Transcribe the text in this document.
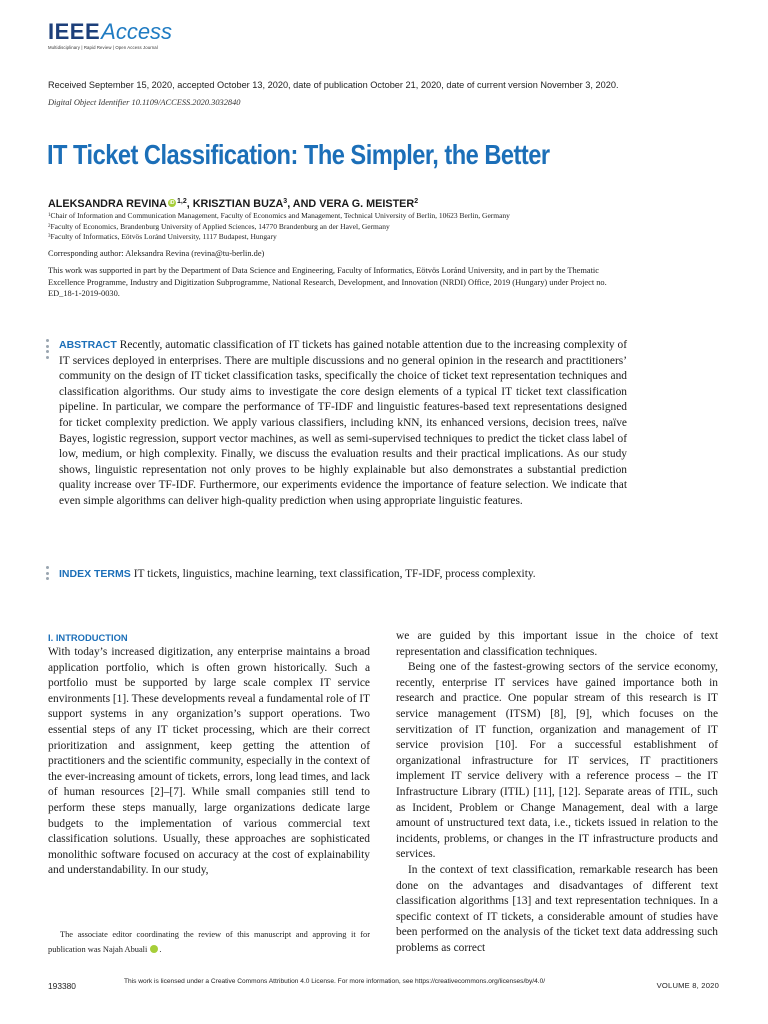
IEEE Access
Multidisciplinary | Rapid Review | Open Access Journal
Received September 15, 2020, accepted October 13, 2020, date of publication October 21, 2020, date of current version November 3, 2020.
Digital Object Identifier 10.1109/ACCESS.2020.3032840
IT Ticket Classification: The Simpler, the Better
ALEKSANDRA REVINA iD $^{1,2}$, KRISZTIAN BUZA$^3$, AND VERA G. MEISTER$^2$
$^1$Chair of Information and Communication Management, Faculty of Economics and Management, Technical University of Berlin, 10623 Berlin, Germany
$^2$Faculty of Economics, Brandenburg University of Applied Sciences, 14770 Brandenburg an der Havel, Germany
$^3$Faculty of Informatics, Eötvös Loránd University, 1117 Budapest, Hungary
Corresponding author: Aleksandra Revina (revina@tu-berlin.de)
This work was supported in part by the Department of Data Science and Engineering, Faculty of Informatics, Eötvös Loránd University, and in part by the Thematic Excellence Programme, Industry and Digitization Subprogramme, National Research, Development, and Innovation (NRDI) Office, 2019 (Hungary) under Project no. ED_18-1-2019-0030.
ABSTRACT Recently, automatic classification of IT tickets has gained notable attention due to the increasing complexity of IT services deployed in enterprises. There are multiple discussions and no general opinion in the research and practitioners’ community on the design of IT ticket classification tasks, specifically the choice of ticket text representation techniques and classification algorithms. Our study aims to investigate the core design elements of a typical IT ticket text classification pipeline. In particular, we compare the performance of TF-IDF and linguistic features-based text representations designed for ticket complexity prediction. We apply various classifiers, including kNN, its enhanced versions, decision trees, naïve Bayes, logistic regression, support vector machines, as well as semi-supervised techniques to predict the ticket class label of low, medium, or high complexity. Finally, we discuss the evaluation results and their practical implications. As our study shows, linguistic representation not only proves to be highly explainable but also demonstrates a substantial prediction quality increase over TF-IDF. Furthermore, our experiments evidence the importance of feature selection. We indicate that even simple algorithms can deliver high-quality prediction when using appropriate linguistic features.
INDEX TERMS IT tickets, linguistics, machine learning, text classification, TF-IDF, process complexity.
I. INTRODUCTION

With today’s increased digitization, any enterprise maintains a broad application portfolio, which is often grown historically. Such a portfolio must be supported by large scale complex IT service environments [1]. These developments reveal a fundamental role of IT support systems in any organization’s support operations. Two essential steps of any IT ticket processing, which are their correct prioritization and assignment, keep getting the attention of practitioners and the scientific community, especially in the context of the ever-increasing amount of tickets, errors, long lead times, and lack of human resources [2]–[7]. While small companies still tend to perform these steps manually, large organizations dedicate large budgets to the implementation of various commercial text classification solutions. Usually, these approaches are sophisticated monolithic software focused on accuracy at the cost of explainability and understandability. In our study,

we are guided by this important issue in the choice of text representation and classification techniques.

Being one of the fastest-growing sectors of the service economy, recently, enterprise IT services have gained importance both in research and practice. One popular stream of this research is IT service management (ITSM) [8], [9], which focuses on the servitization of IT function, organization and management of IT service provision [10]. For a successful establishment of organizational infrastructure for IT services, IT practitioners implement IT service delivery with a reference process – the IT Infrastructure Library (ITIL) [11], [12]. Separate areas of ITIL, such as Incident, Problem or Change Management, deal with a large amount of unstructured text data, i.e., tickets issued in relation to the incidents, problems, or changes in the IT infrastructure products and services.

In the context of text classification, remarkable research has been done on the advantages and disadvantages of different text classification algorithms [13] and text representation techniques. In a specific context of IT tickets, a considerable amount of studies have been performed on the analysis of the ticket text data addressing such problems as correct

The associate editor coordinating the review of this manuscript and approving it for publication was Najah Abuali	iD.

193380	This work is licensed under a Creative Commons Attribution 4.0 License. For more information, see https://creativecommons.org/licenses/by/4.0/	VOLUME 8, 2020
